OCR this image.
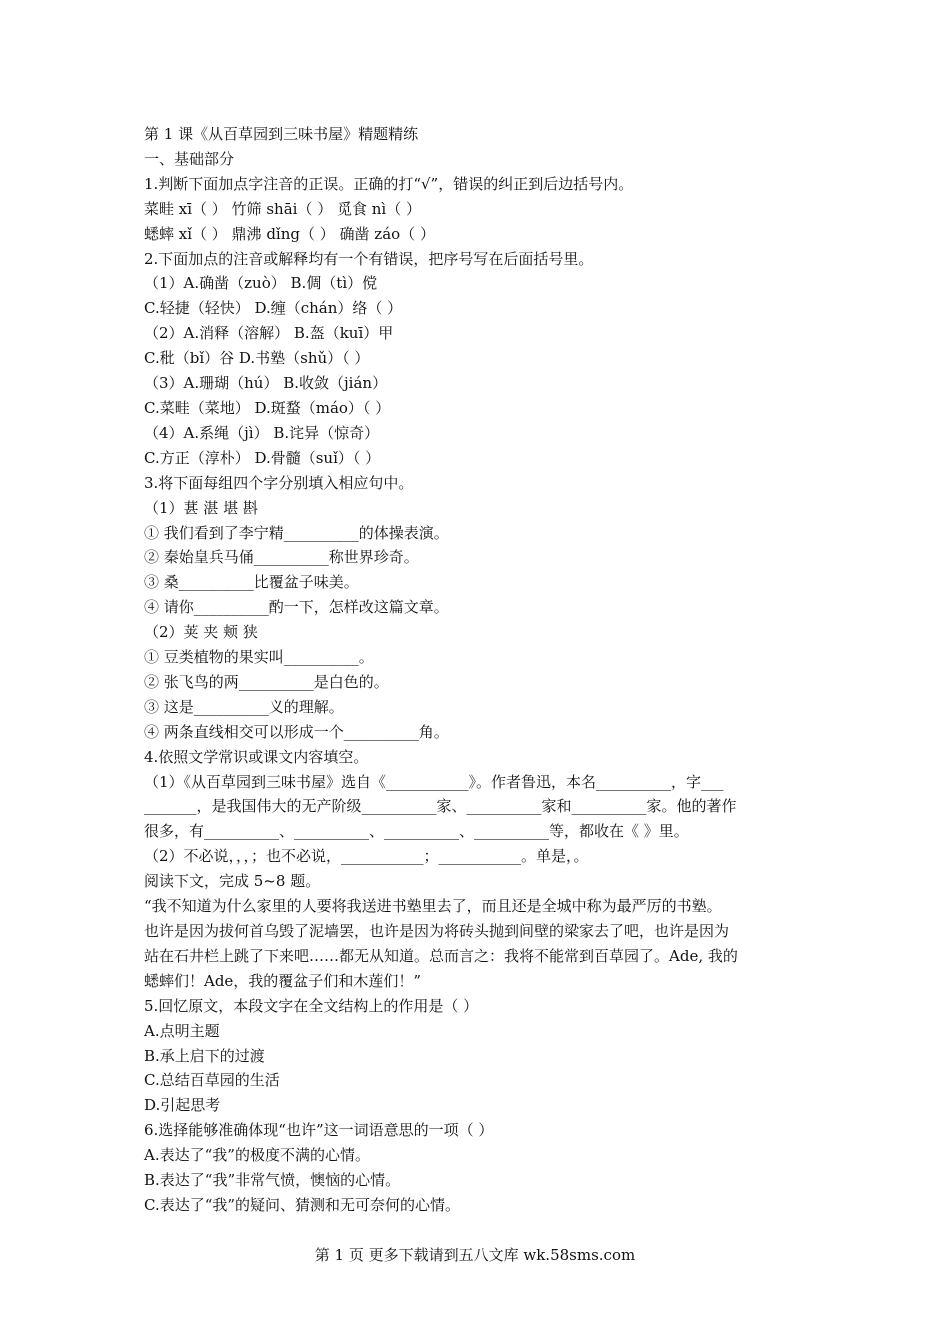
第 1 课《从百草园到三味书屋》精题精练
一、基础部分
1.判断下面加点字注音的正误。正确的打“√”，错误的纠正到后边括号内。
菜畦 xī（ ） 竹筛 shāi（ ） 觅食 nì（ ）
蟋蟀 xǐ（ ） 鼎沸 dǐng（ ） 确凿 záo（ ）
2.下面加点的注音或解释均有一个有错误，把序号写在后面括号里。
（1）A.确凿（zuò） B.倜（tì）傥
C.轻捷（轻快） D.缠（chán）络（ ）
（2）A.消释（溶解） B.盔（kuī）甲
C.秕（bǐ）谷 D.书塾（shǔ）（ ）
（3）A.珊瑚（hú） B.收敛（jián）
C.菜畦（菜地） D.斑蝥（máo）（ ）
（4）A.系绳（jì） B.诧异（惊奇）
C.方正（淳朴） D.骨髓（suǐ）（ ）
3.将下面每组四个字分别填入相应句中。
（1）葚 湛 堪 斟
① 我们看到了李宁精__________的体操表演。
② 秦始皇兵马俑__________称世界珍奇。
③ 桑__________比覆盆子味美。
④ 请你__________酌一下，怎样改这篇文章。
（2）荚 夹 颊 狭
① 豆类植物的果实叫__________。
② 张飞鸟的两__________是白色的。
③ 这是__________义的理解。
④ 两条直线相交可以形成一个__________角。
4.依照文学常识或课文内容填空。
（1）《从百草园到三味书屋》选自《___________》。作者鲁迅，本名__________，字___
_______，是我国伟大的无产阶级__________家、__________家和__________家。他的著作
很多，有__________、__________、__________、__________等，都收在《 》里。
（2）不必说，，，；也不必说，___________；___________。单是，。
阅读下文，完成 5~8 题。
“我不知道为什么家里的人要将我送进书塾里去了，而且还是全城中称为最严厉的书塾。
也许是因为拔何首乌毁了泥墙罢，也许是因为将砖头抛到间壁的梁家去了吧，也许是因为
站在石井栏上跳了下来吧……都无从知道。总而言之：我将不能常到百草园了。Ade, 我的
蟋蟀们！Ade，我的覆盆子们和木莲们！”
5.回忆原文，本段文字在全文结构上的作用是（ ）
A.点明主题
B.承上启下的过渡
C.总结百草园的生活
D.引起思考
6.选择能够准确体现“也许”这一词语意思的一项（ ）
A.表达了“我”的极度不满的心情。
B.表达了“我”非常气愤，懊恼的心情。
C.表达了“我”的疑问、猜测和无可奈何的心情。
第 1 页 更多下载请到五八文库 wk.58sms.com
